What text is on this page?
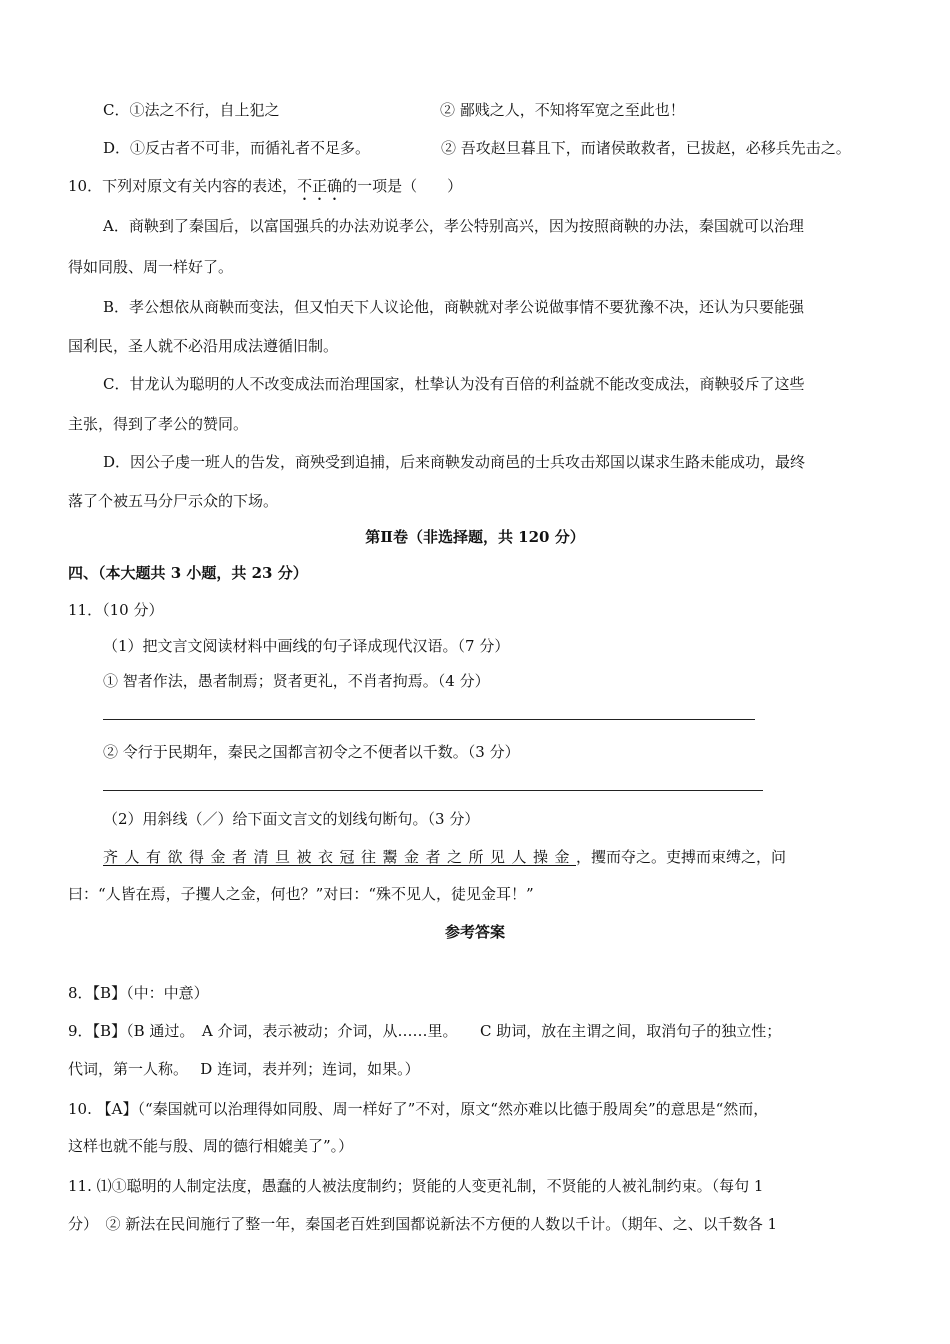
C．①法之不行，自上犯之	② 鄙贱之人，不知将军宽之至此也！
D．①反古者不可非，而循礼者不足多。	② 吾攻赵旦暮且下，而诸侯敢救者，已拔赵，必移兵先击之。
10．下列对原文有关内容的表述，不正确的一项是（　　）
A．商鞅到了秦国后，以富国强兵的办法劝说孝公，孝公特别高兴，因为按照商鞅的办法，秦国就可以治理
得如同殷、周一样好了。
B．孝公想依从商鞅而变法，但又怕天下人议论他，商鞅就对孝公说做事情不要犹豫不决，还认为只要能强
国利民，圣人就不必沿用成法遵循旧制。
C．甘龙认为聪明的人不改变成法而治理国家，杜挚认为没有百倍的利益就不能改变成法，商鞅驳斥了这些
主张，得到了孝公的赞同。
D．因公子虔一班人的告发，商殃受到追捕，后来商鞅发动商邑的士兵攻击郑国以谋求生路未能成功，最终
落了个被五马分尸示众的下场。
第Ⅱ卷（非选择题，共 120 分）
四、（本大题共 3 小题，共 23 分）
11．（10 分）
（1）把文言文阅读材料中画线的句子译成现代汉语。（7 分）
① 智者作法，愚者制焉；贤者更礼，不肖者拘焉。（4 分）
② 令行于民期年，秦民之国都言初令之不便者以千数。（3 分）
（2）用斜线（／）给下面文言文的划线句断句。（3 分）
齐人有欲得金者清旦被衣冠往鬻金者之所见人操金，攫而夺之。吏搏而束缚之，问
曰：“人皆在焉，子攫人之金，何也？”对曰：“殊不见人，徒见金耳！”
参考答案
8．【B】（中：中意）
9．【B】（B 通过。　A 介词，表示被动；介词，从……里。　　C 助词，放在主谓之间，取消句子的独立性；
代词，第一人称。　 D 连词，表并列；连词，如果。）
10. 【A】（“秦国就可以治理得如同殷、周一样好了”不对，原文“然亦难以比德于殷周矣”的意思是“然而，
这样也就不能与殷、周的德行相媲美了”。）
11. ⑴①聪明的人制定法度，愚蠢的人被法度制约；贤能的人变更礼制，不贤能的人被礼制约束。（每句 1
分）　② 新法在民间施行了整一年，秦国老百姓到国都说新法不方便的人数以千计。（期年、之、以千数各 1
